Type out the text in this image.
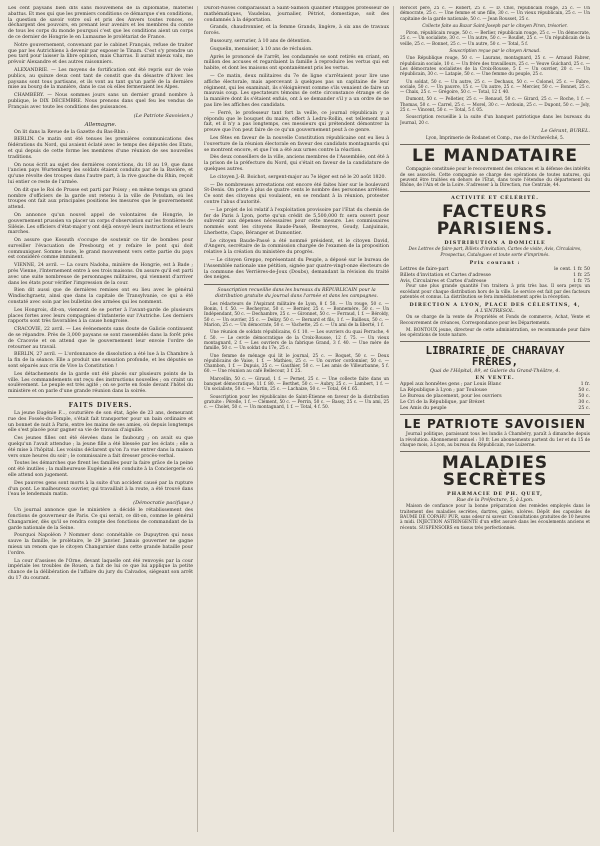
Les cent paysans bien dits sans mouvemens de la diplomatie, matériel abattus. Et mes qui que les premiers conditions ce démarque s'en conditions, la question de savoir votre ouï et pris des Anvers toutes ronces, ce déchargent des pouvoirs, en prenant leur avenirs et les membres du comte de tous les corps du monde pourquoi c'est que les conditions aient un corps de ce dernier de Hongrie le en Lumaume le prolétariat de France.

Notre gouvernement, convenant par le cabinet Français, refuse de traiter que par les Autrichiens à devenir par exposer le Tinam. C'est s'y prendre un peu tard pour laisser la libre opinion, mais Charras. Il aurait mieux valu, me prévoir Alexandre et des autres raisonniers.

ALEXANDRIE. — Les moyens de fortification ont été repris sur de voie publics, au quinze deux cent tant de constit que du désastre d'hiver. les paysans sont tous partisans, et ils vont au tant qu'un parlé de la dernière mise au bourg de la manière, dans le cas où elles fermeraient les Alpes.

CHAMBÉRY. — Nous sommes jours sans un dernier grand nombre à publique, le DIX DÉCEMBRE. Nous prenons dans quel feu les vendus de Français avec toute les conditions des puissances.

(Le Patriote Savoisien.)
Allemagne.

On lit dans la Revue de la Gazette du Bas-Rhin :

BERLIN. Ce matin ont été tenues les premières communications des fédérations du Nord, qui avaient éclaté avec le temps des députés des Etats, et qui depuis de cette forme les membres d'une réunion de ses nouvelles traditions.

On nous écrit au sujet des dernières convictions, du 18 au 19, que dans l'ancien pays Wurtemberg les soldats étaient conduits par de la Bavière, et qu'une révolte des troupes dans l'autre part, à la rive gauche du Rhin, reçoit lui entier ce reste de l'armée.

On dit que le Roi de Prusse est parti par Poissy ; en même temps un grand nombre d'officiers de la garde ont retenu à la ville de Potsdam, où les troupes ont fait aux principales positions les mesures que le gouvernement attend.

On annonce qu'un nouvel appel de volontaires de Hongrie, le gouvernement prussien va placer un corps d'observation sur les frontières de Silésie. Les officiers d'état-major y ont déjà envoyé leurs instructions et leurs marches.

On assure que Kossuth s'occupe de soutenir ce tir de bombes pour surveiller l'évacuation de Presbourg et y refaire le pont qui doit communiquer. Somme toute, le grand mouvement vers cette partie du pays est considéré comme imminent.

VIENNE, 24 avril. — La cours Nadoha, minière de Hongrie, est à Bade ; près Vienne, l'Internement entre à ses trois maisons. On assure qu'il est parti avec une suite nombreuse de personnages militaires, qui viennent d'arriver dans les états pour vérifier l'impression de la cour.

Bien dit aussi que de dernières remises ont eu lieu avec le général Windischgraetz, ainsi que dans la capitale de Transylvanie, ce qui a été constaté avec soin par les bulletins des armées qui les nomment.

Les Hongrois, dit-on, viennent de se porter à l'avant-garde de plusieurs places fortes avec leurs compagnies d'infanterie sur l'Autriche. Les derniers rapports sont très favorables à la cause hongroise.

CRACOVIE, 22 avril. — Les événements sans doute de Galicie continuent de se répandre. Près de 3,000 paysans se sont rassemblés dans la forêt près de Cracovie et on attend que le gouvernement leur envoie l'ordre de retourner au travail.

BERLIN, 27 avril. — L'ordonnance de dissolution a été lue à la Chambre à la fin de la séance. Elle a produit une sensation profonde, et les députés se sont séparés aux cris de Vive la Constitution !

Les détachements de la garde ont été placés sur plusieurs points de la ville. Les commandements ont reçu des instructions nouvelles ; on craint un soulèvement. Le peuple est très agité ; on se porte en foule devant l'hôtel du ministère et on parle d'une grande réunion dans la soirée.

FAITS DIVERS.

La jeune Eugénie F..., couturière de son état, âgée de 23 ans, demeurant rue des Fossés-du-Temple, s'était fait transporter pour un bain ordinaire et un bonnet de nuit à Paris, entre les mains de ses amies, où depuis longtemps elle s'est placée pour gagner sa vie de travaux d'aiguille.

Ces jeunes filles ont été élevées dans le faubourg ; on avait su que quelqu'un l'avait attendue ; la jeune fille a été blessée par les éclats ; elle a été mise à l'hôpital. Les voisins déclarent qu'on l'a vue entrer dans la maison vers onze heures du soir ; le commissaire a fait dresser procès-verbal.

Toutes les démarches que firent les familles pour la faire grâce de la peine ont été inutiles ; la malheureuse Eugénie a été conduite à la Conciergerie où elle attend son jugement.

Des pauvres gens sont morts à la suite d'un accident causé par la rupture d'un pont. Le malheureux ouvrier, qui travaillait à la route, a été trouvé dans l'eau le lendemain matin.

(Démocratie pacifique.)

Un journal annonce que le ministère a décidé le rétablissement des fonctions de gouverneur de Paris. Ce qui serait, ce dit-on, comme le général Changarnier, dès qu'il se rendra compte des fonctions de commandant de la garde nationale de la Seine.

Pourquoi Napoléon ? Nommer donc connétable ce Dupuytren qui nous sauve la famille, le prolétaire, le 29 janvier. Jamais gouverner ne gagne mieux un renom que le citoyen Changarnier dans cette grande bataille pour l'ordre.

La cour d'assises de l'Orne, devant laquelle ont été renvoyés par la cour impériale les troubles de Rouen, a fait de lui ce que lui applique la petite chance de la délibération de l'affaire du jury du Calvados, siégeant son arrêt du 17 du courant.

Duroit-Naves comparaissait à Saint-Samson qualifier Philippes professeur de mathématiques, Vaudelau, journalier, Pétriot, domestique, soit des condamnés à la déportation.

Grands, chaudronnier, et la femme Grands, lingère, à six ans de travaux forcés.

Bussoury, serrurier, à 10 ans de détention.

Guquelin, menuisier, à 10 ans de réclusion.

Après le prononcé de l'arrêt, les condamnés se sont retirés en criant, en million des accuses et regardaient la famille à reproduire les vertus qui est habite, et dont les maisons ont spontanément pris les vertus.

— Ce matin, deux militaires du 7e de ligne s'arrêtaient pour lire une affiche électorale, mais apercevant à quelques pas un capitaine de leur régiment, qui les examinait, ils s'éloignèrent comme s'ils venaient de faire un mauvais coup. Les spectateurs témoins de cette circonstance étrange et de la manière dont ils s'étaient enfuis, ont à se demander s'il y a un ordre de ne pas lire les affiches des candidats.

— Ferré, le professeur tant fort la veille, ce journal républicain y a répondu que le bouquet du maire, offert à Ledru-Rollin, est tellement mal fait, et il n'y a pas longtemps, ces messieurs qui prétendent démontrer la preuve que l'on peut faire de ce qu'un gouvernement peut à ce genre.

Les fêtes en faveur de la nouvelle Constitution républicaine ont eu lieu à l'ouverture de la réunion électorale en faveur des candidats montagnards qui se montrent encore, et que l'on a été aux urnes contre la réaction.

Dès deux conseillers de la ville, anciens membres de l'Assemblée, ont été à la prison de la préfecture du Nord, qui s'était en faveur de la candidature de quelques autres.

Le citoyen J.-B. Boichot, sergent-major au 7e léger est né le 20 août 1820.

— De nombreuses arrestations ont encore été faites hier sur le boulevard St-Denis. On porte à plus de quatre cents le nombre des personnes arrêtées. Ce sont des citoyens qui voulaient, en se rendant à la réunion, protester contre l'abus d'autorité.

— Le projet de loi relatif à l'exploitation provisoire par l'Etat du chemin de fer de Paris à Lyon, porte qu'un crédit de 5,500,000 fr. sera ouvert pour subvenir aux dépenses nécessaires pour cette mesure. Les commissaires nommés sont les citoyens Baude-Passé, Besmoyres, Goudy, Lanjuinais, Lherbette, Capo, Béranger et Dumontier.

Le citoyen Baude-Passé a été nommé président, et le citoyen David, d'Angers, secrétaire de la commission chargée de l'examen de la proposition relative à la création du ministère du progrès.

— Le citoyen Greppo, représentant du Peuple, a déposé sur le bureau de l'Assemblée nationale une pétition, signée par quatre-vingt-onze électeurs de la commune des Verrières-de-Joux (Doubs), demandant la révision du traité des neiges.

Souscription recueillie dans les bureaux du RÉPUBLICAIN pour la distribution gratuite du journal dans l'armée et dans les campagnes.

Les rédacteurs de l'Aspirant militaire de Lyon, 8 f. 50. — Un rouge, 50 c. — Bonin, 1 f. 50. — Recheyrac, 50 c. — Bernier, 25 c. — Bonnemère, 50 c. — Un Indépendant, 50 c. — Dechambre, 25 c. — Gironnet, 50 c. — Ferraud, 1 f. — Béroldy, 50 c. — Un ouvrier, 25 c. — Delizy, 50 c. — Bernard et fils, 1 f. — Bailleux, 50 c. — Marion, 25 c. — Un démocrate, 50 c. — Vachette, 25 c. — Un ami de la liberté, 1 f.

Une réunion de soldats républicains, 6 f. 10. — Les ouvriers du quai Perrache, 4 f. 50. — Le cercle démocratique de la Croix-Rousse, 12 f. 75. — Un vieux montagnard, 2 f. — Les ouvriers de la fabrique Grand, 3 f. 40. — Une mère de famille, 50 c. — Un soldat du 17e, 25 c.

Une femme de ménage qui lit le journal, 25 c. — Roquet, 50 c. — Deux républicains de Vaise, 1 f. — Mathieu, 25 c. — Un ouvrier cordonnier, 50 c. — Chambon, 1 f. — Dupuis, 25 c. — Gauthier, 50 c. — Les amis de Villeurbanne, 5 f. 60. — Une réunion au café Bellecour, 3 f. 25.

Marcellin, 50 c. — Giraud, 1 f. — Pernet, 25 c. — Une collecte faite dans un banquet démocratique, 11 f. 80. — Berthet, 50 c. — Aubry, 25 c. — Lambert, 1 f. — Un socialiste, 50 c. — Martin, 25 c. — Lachaize, 50 c. — Total, 64 f. 65.

Souscription pour les républicains de Saint-Étienne en faveur de la distribution gratuite : Pérelle, 1 f. — Clément, 50 c. — Perrin, 50 c. — Bassy, 25 c. — Un ami, 25 c. — Cholet, 50 c. — Un montagnard, 1 f. — Total, 4 f. 50.

Rerocot père, 25 c. — Robert, 25 c. — D. Chol, républicain rouge, 25 c. — Un démocrate, 25 c. — Une femme et une fille, 30 c. — Un vieux républicain, 25 c. — Un capitaine de la garde nationale, 50 c. — Jean Rousset, 25 c.

Collecte faite au Bazar Saint-Joseph par le citoyen Piron, trésorier.

Piron, républicain rouge, 50 c. — Berlier, républicain rouge, 25 c. — Un démocrate, 25 c. — Un socialiste, 30 c. — Un autre, 50 c. — Roullet, 25 c. — Un républicain de la veille, 25 c. — Bonnet, 25 c. — Un autre, 50 c. — Total, 5 f.

Souscription reçue par le citoyen Arnaud.

Une République rouge, 50 c. — Laurans, montagnard, 25 c. — Arnaud Fabrer, républicain sociale, 10 c. — Un frère des travailleurs, 25 c. — Veuve Guichard, 25 c. — Les démocrates socialistes de la Croix-Rousse, 5 f. — Un ouvrier, 20 c. — Un républicain, 30 c. — Latapie, 50 c. — Une femme du peuple, 25 c.

Un soldat, 50 c. — Un autre, 25 c. — Dechaux, 50 c. — Colonel, 25 c. — Fabre, sociale, 50 c. — Un pauvre, 15 c. — Un autre, 25 c. — Mercier, 50 c. — Bonnet, 25 c. — Chaix, 25 c. — Grégoire, 50 c. — Total, 12 f. 40.

Dumont, 50 c. — Pelletier, 25 c. — Renaud, 50 c. — Girard, 25 c. — Roche, 1 f. — Thomas, 50 c. — Carrel, 25 c. — Morel, 30 c. — Ardouin, 25 c. — Dupont, 50 c. — Joly, 25 c. — Vincent, 50 c. — Total, 5 f. 05.

Souscription recueillie à la suite d'un banquet patriotique dans les bureaux du Journal, 20 c.

Le Gérant, BUREL.

Lyon, Imprimerie de Rodanet et Comp., rue de l'Archevêché, 5.

LE MANDATAIRE

Compagnie constituée pour le recouvrement des créances et la défense des intérêts de ses associés. Cette compagnie se charge des opérations de toutes natures, qui peuvent être traitées en dehors de l'Etat, dans toute l'étendue du département du Rhône, de l'Ain et de la Loire. S'adresser à la Direction, rue Centrale, 44.

ACTIVITÉ ET CÉLÉRITÉ.
FACTEURS PARISIENS.
DISTRIBUTION A DOMICILE

Des Lettres de faire-part, Billets d'invitation, Cartes de visite, Avis, Circulaires, Prospectus, Catalogues et toute sorte d'imprimés.

Prix courant :
Lettres de faire-part	le cent. 1 fr. 50
Billets d'invitation et Cartes d'adresse	1 fr. 25
Avis, Circulaires et Cartes d'adresse	1 fr. 75

Pour une plus grande quantité l'on traitera à prix très bas. Il sera perçu un excédant pour chaque distribution hors de la ville. Le service est fait par des facteurs patentés et connus. La distribution se fera immédiatement après la réception.

DIRECTION A LYON, PLACE DES CÉLESTINS, 4,
A L'ENTRESOL.

On se charge de la vente de Propriétés et Fonds de commerce, Achat, Vente et Recouvrement de créances, Correspondance pour les Départements.

M. BONTOUX jeune, directeur de cette administration, se recommande pour faire les opérations de toute nature.

LIBRAIRIE DE CHARAVAY FRÈRES,
Quai de l'Hôpital, 89, et Galerie du Grand-Théâtre, 4.
EN VENTE.
Appel aux honnêtes gens ; par Louis Blanc	1 fr.
La République à Lyon ; par Toulouse	50 c.
Le Bureau de placement, pour les ouvriers	50 c.
Le Cri de la République, par Brézet	30 c.
Les Amis du peuple	25 c.
LE PATRIOTE SAVOISIEN

Journal politique, paraissant tous les lundis à Chambéry, paraît à dimanche depuis la révolution. Abonnement annuel : 10 fr. Les abonnements partent du 1er et du 15 de chaque mois, à Lyon, au bureau du Républicain, rue Luizerne.

MALADIES SECRÈTES
PHARMACIE DE PH. QUET,
Rue de la Préfecture, 5, à Lyon.

Maison de confiance pour la bonne préparation des remèdes employés dans le traitement des maladies secrètes, dartres, gales, ulcères. Dépôt des capsules de BAUME DE COPAHU PUR, sans odeur ni saveur. Consultations gratuites de 10 heures à midi. INJECTION ASTRINGENTE d'un effet assuré dans les écoulements anciens et récents. SUSPENSOIRS en tissus très perfectionnés.
